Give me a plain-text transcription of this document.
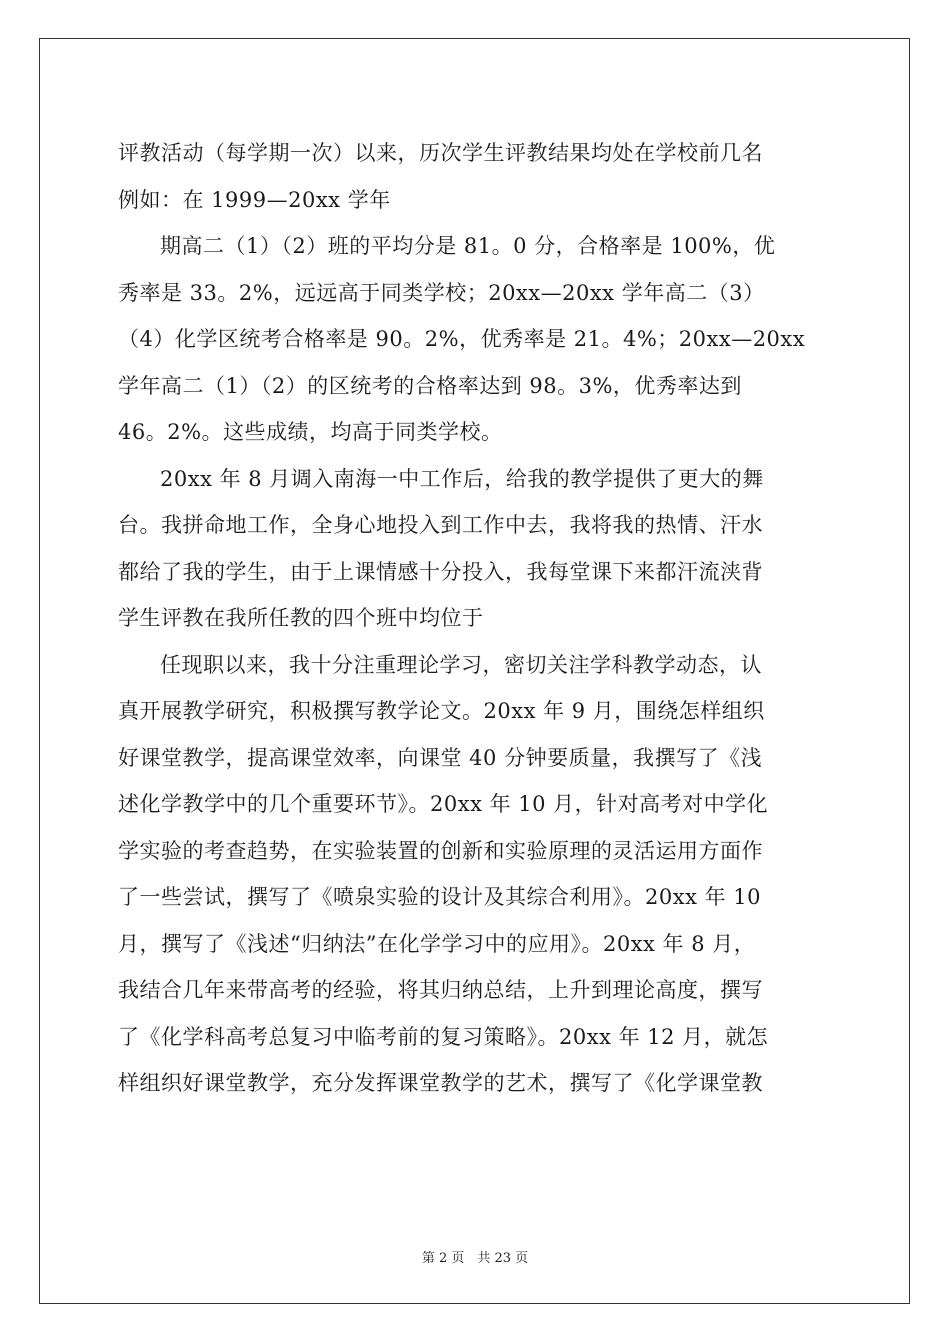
评教活动（每学期一次）以来，历次学生评教结果均处在学校前几名
例如：在 1999—20xx 学年
期高二（1）（2）班的平均分是 81。0 分，合格率是 100%，优
秀率是 33。2%，远远高于同类学校；20xx—20xx 学年高二（3）
（4）化学区统考合格率是 90。2%，优秀率是 21。4%；20xx—20xx
学年高二（1）（2）的区统考的合格率达到 98。3%，优秀率达到
46。2%。这些成绩，均高于同类学校。
20xx 年 8 月调入南海一中工作后，给我的教学提供了更大的舞
台。我拼命地工作，全身心地投入到工作中去，我将我的热情、汗水
都给了我的学生，由于上课情感十分投入，我每堂课下来都汗流浃背
学生评教在我所任教的四个班中均位于
任现职以来，我十分注重理论学习，密切关注学科教学动态，认
真开展教学研究，积极撰写教学论文。20xx 年 9 月，围绕怎样组织
好课堂教学，提高课堂效率，向课堂 40 分钟要质量，我撰写了《浅
述化学教学中的几个重要环节》。20xx 年 10 月，针对高考对中学化
学实验的考查趋势，在实验装置的创新和实验原理的灵活运用方面作
了一些尝试，撰写了《喷泉实验的设计及其综合利用》。20xx 年 10
月，撰写了《浅述“归纳法”在化学学习中的应用》。20xx 年 8 月，
我结合几年来带高考的经验，将其归纳总结，上升到理论高度，撰写
了《化学科高考总复习中临考前的复习策略》。20xx 年 12 月，就怎
样组织好课堂教学，充分发挥课堂教学的艺术，撰写了《化学课堂教
第 2 页　共 23 页
